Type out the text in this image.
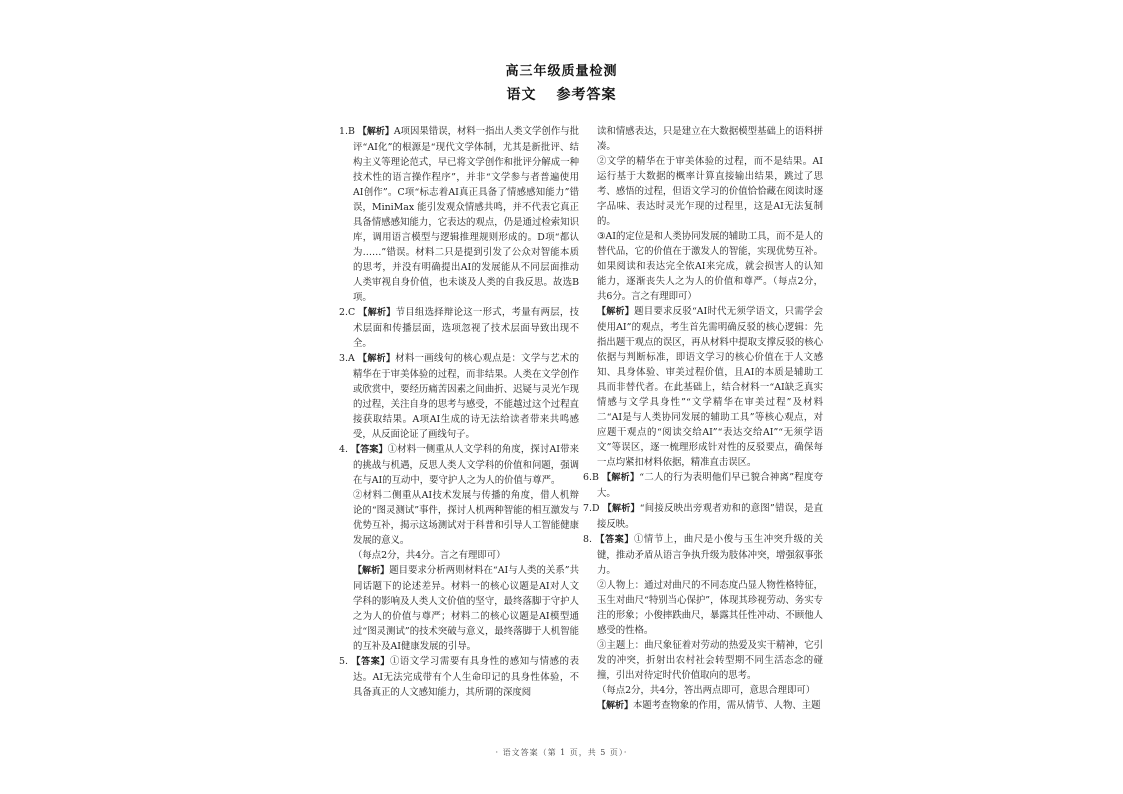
高三年级质量检测
语文 参考答案

1.B 【解析】A项因果错误，材料一指出人类文学创作与批评“AI化”的根源是“现代文学体制，尤其是新批评、结构主义等理论范式，早已将文学创作和批评分解成一种技术性的语言操作程序”，并非“文学参与者普遍使用AI创作”。C项“标志着AI真正具备了情感感知能力”错误，MiniMax 能引发观众情感共鸣，并不代表它真正具备情感感知能力，它表达的观点，仍是通过检索知识库，调用语言模型与逻辑推理规则形成的。D项“都认为……”错误。材料二只是提到引发了公众对智能本质的思考，并没有明确提出AI的发展能从不同层面推动人类审视自身价值，也未谈及人类的自我反思。故选B项。

2.C 【解析】节目组选择辩论这一形式，考量有两层，技术层面和传播层面，选项忽视了技术层面导致出现不全。

3.A 【解析】材料一画线句的核心观点是：文学与艺术的精华在于审美体验的过程，而非结果。人类在文学创作或欣赏中，要经历痛苦因素之间曲折、迟疑与灵光乍现的过程，关注自身的思考与感受，不能越过这个过程直接获取结果。A项AI生成的诗无法给读者带来共鸣感受，从反面论证了画线句子。

4. 【答案】①材料一侧重从人文学科的角度，探讨AI带来的挑战与机遇，反思人类人文学科的价值和问题，强调在与AI的互动中，要守护人之为人的价值与尊严。

②材料二侧重从AI技术发展与传播的角度，借人机辩论的“图灵测试”事件，探讨人机两种智能的相互激发与优势互补，揭示这场测试对于科普和引导人工智能健康发展的意义。

（每点2分，共4分。言之有理即可）

【解析】题目要求分析两则材料在“AI与人类的关系”共同话题下的论述差异。材料一的核心议题是AI对人文学科的影响及人类人文价值的坚守，最终落脚于守护人之为人的价值与尊严；材料二的核心议题是AI模型通过“图灵测试”的技术突破与意义，最终落脚于人机智能的互补及AI健康发展的引导。

5. 【答案】①语文学习需要有具身性的感知与情感的表达。AI无法完成带有个人生命印记的具身性体验，不具备真正的人文感知能力，其所谓的深度阅

读和情感表达，只是建立在大数据模型基础上的语料拼凑。

②文学的精华在于审美体验的过程，而不是结果。AI运行基于大数据的概率计算直接输出结果，跳过了思考、感悟的过程，但语文学习的价值恰恰藏在阅读时逐字品味、表达时灵光乍现的过程里，这是AI无法复制的。

③AI的定位是和人类协同发展的辅助工具，而不是人的替代品，它的价值在于激发人的智能，实现优势互补。如果阅读和表达完全依AI来完成，就会损害人的认知能力，逐渐丧失人之为人的价值和尊严。（每点2分，共6分。言之有理即可）

【解析】题目要求反驳“AI时代无须学语文，只需学会使用AI”的观点，考生首先需明确反驳的核心逻辑：先指出题干观点的误区，再从材料中提取支撑反驳的核心依据与判断标准，即语文学习的核心价值在于人文感知、具身体验、审美过程价值，且AI的本质是辅助工具而非替代者。在此基础上，结合材料一“AI缺乏真实情感与文学具身性”“文学精华在审美过程”及材料二“AI是与人类协同发展的辅助工具”等核心观点，对应题干观点的“阅读交给AI”“表达交给AI”“无须学语文”等误区，逐一梳理形成针对性的反驳要点，确保每一点均紧扣材料依据，精准直击误区。

6.B 【解析】“二人的行为表明他们早已貌合神离”程度夸大。

7.D 【解析】“间接反映出旁观者劝和的意图”错误，是直接反映。

8. 【答案】①情节上，曲尺是小俊与玉生冲突升级的关键，推动矛盾从语言争执升级为肢体冲突，增强叙事张力。

②人物上：通过对曲尺的不同态度凸显人物性格特征，玉生对曲尺“特别当心保护”，体现其珍视劳动、务实专注的形象；小俊摔跌曲尺，暴露其任性冲动、不顾他人感受的性格。

③主题上：曲尺象征着对劳动的热爱及实干精神，它引发的冲突，折射出农村社会转型期不同生活态念的碰撞，引出对待定时代价值取向的思考。

（每点2分，共4分，答出两点即可，意思合理即可）

【解析】本题考查物象的作用，需从情节、人物、主题

· 语文答案（第 1 页，共 5 页）·
